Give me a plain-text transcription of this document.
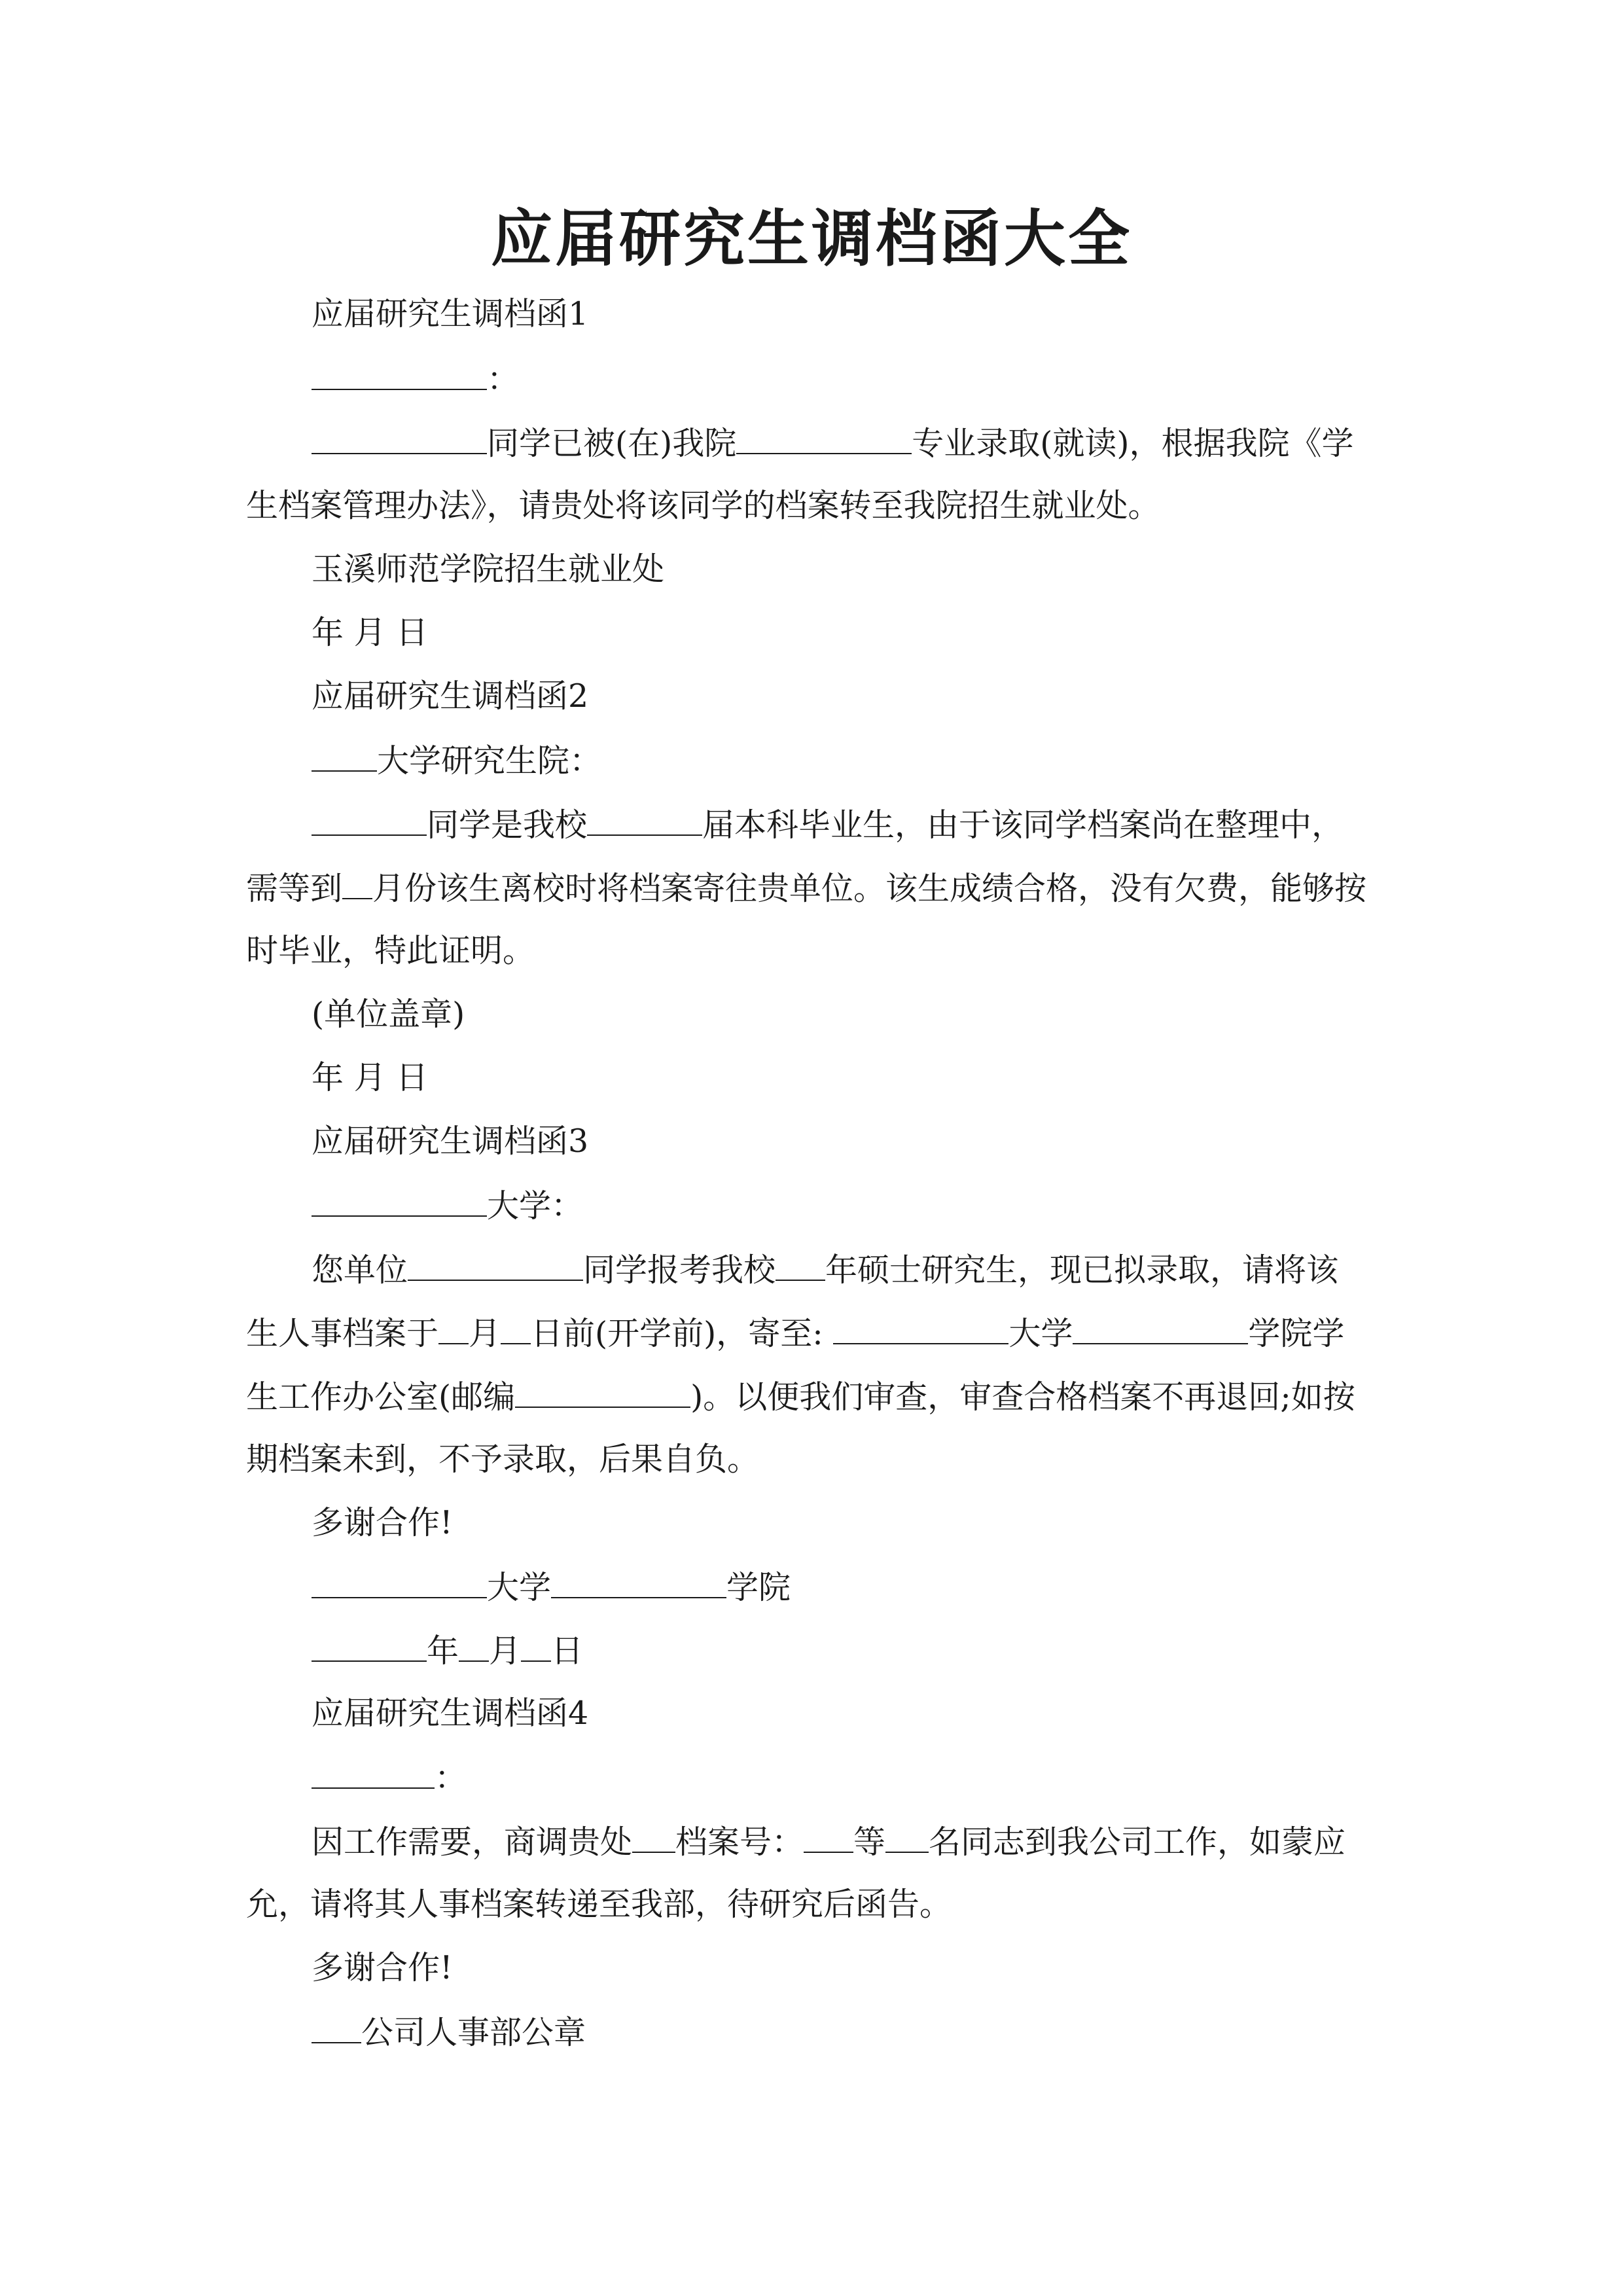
应届研究生调档函大全
应届研究生调档函1
：
同学已被(在)我院	专业录取(就读)，根据我院《学
生档案管理办法》，请贵处将该同学的档案转至我院招生就业处。
玉溪师范学院招生就业处
年 月 日
应届研究生调档函2
大学研究生院：
同学是我校	届本科毕业生，由于该同学档案尚在整理中，
需等到 月份该生离校时将档案寄往贵单位。该生成绩合格，没有欠费，能够按
时毕业，特此证明。
(单位盖章)
年 月 日
应届研究生调档函3
大学：
您单位	同学报考我校 年硕士研究生，现已拟录取，请将该
生人事档案于 月 日前(开学前)，寄至:	大学	学院学
生工作办公室(邮编	)。以便我们审查，审查合格档案不再退回;如按
期档案未到，不予录取，后果自负。
多谢合作!
大学	学院
年 月 日
应届研究生调档函4
：
因工作需要，商调贵处 档案号： 等 名同志到我公司工作，如蒙应
允，请将其人事档案转递至我部，待研究后函告。
多谢合作!
公司人事部公章
